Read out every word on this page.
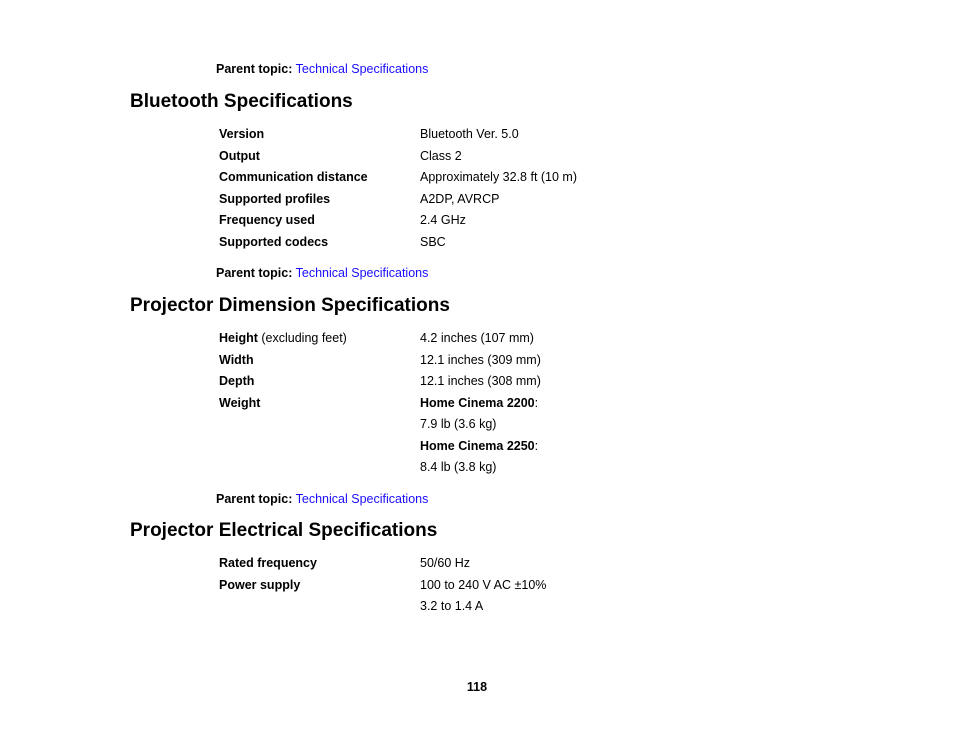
Parent topic: Technical Specifications
Bluetooth Specifications
Version	Bluetooth Ver. 5.0
Output	Class 2
Communication distance	Approximately 32.8 ft (10 m)
Supported profiles	A2DP, AVRCP
Frequency used	2.4 GHz
Supported codecs	SBC
Parent topic: Technical Specifications
Projector Dimension Specifications
Height (excluding feet)	4.2 inches (107 mm)
Width	12.1 inches (309 mm)
Depth	12.1 inches (308 mm)
Weight	Home Cinema 2200:
7.9 lb (3.6 kg)
Home Cinema 2250:
8.4 lb (3.8 kg)
Parent topic: Technical Specifications
Projector Electrical Specifications
Rated frequency	50/60 Hz
Power supply	100 to 240 V AC ±10%
3.2 to 1.4 A
118
